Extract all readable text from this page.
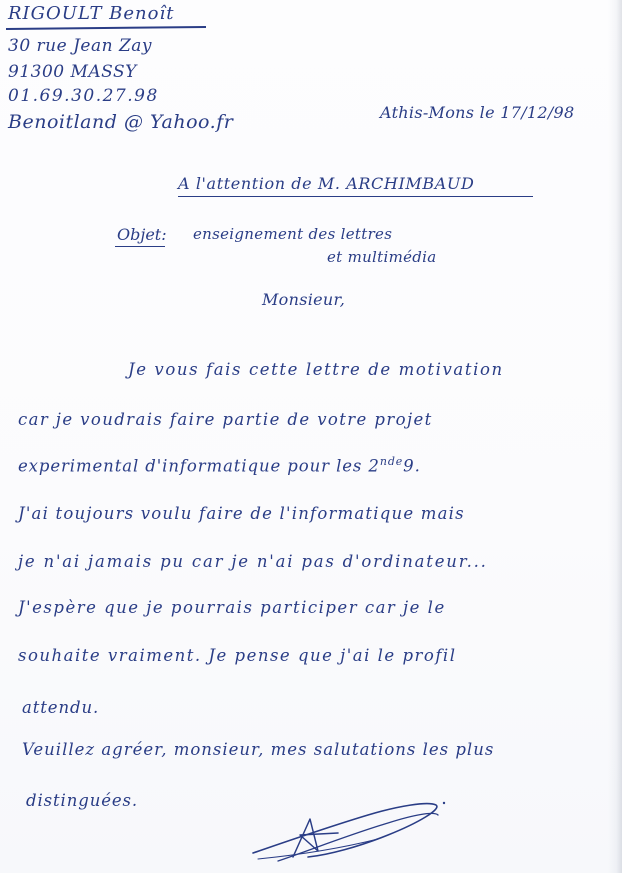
RIGOULT Benoît
30 rue Jean Zay
91300 MASSY
01.69.30.27.98
Benoitland @ Yahoo.fr	Athis-Mons le 17/12/98
A l'attention de M. ARCHIMBAUD
Objet: enseignement des lettres
et multimédia
Monsieur,
Je vous fais cette lettre de motivation
car je voudrais faire partie de votre projet
experimental d'informatique pour les 2nde9.
J'ai toujours voulu faire de l'informatique mais
je n'ai jamais pu car je n'ai pas d'ordinateur...
J'espère que je pourrais participer car je le
souhaite vraiment. Je pense que j'ai le profil
attendu.
Veuillez agréer, monsieur, mes salutations les plus
distinguées.
